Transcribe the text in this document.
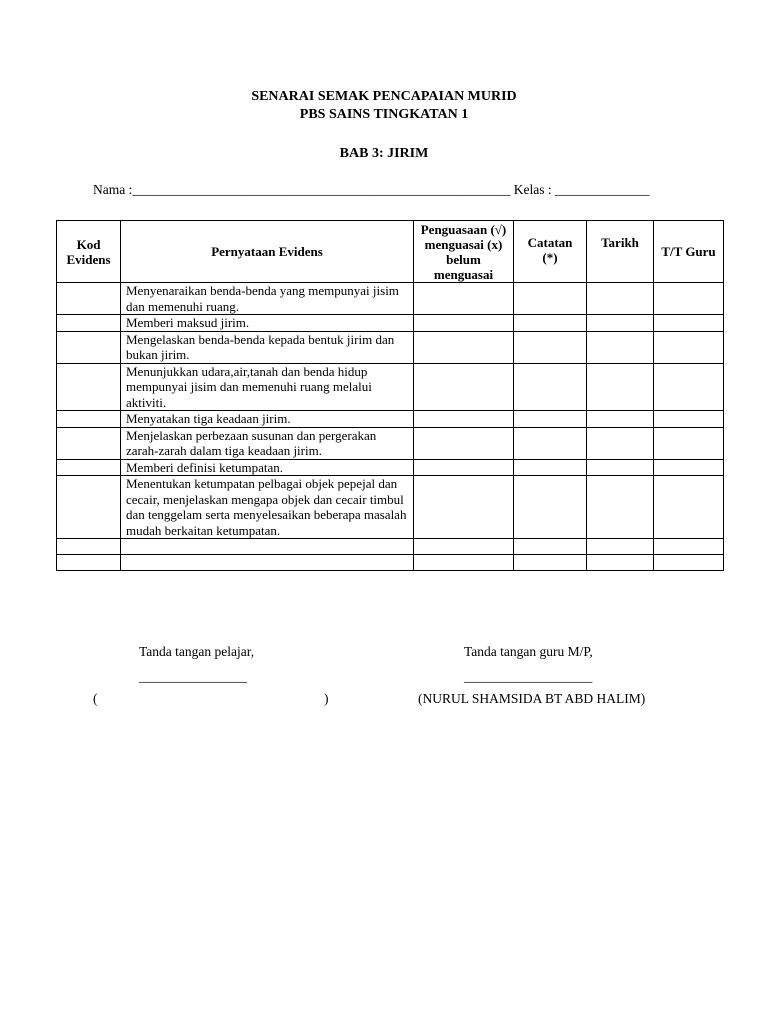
SENARAI SEMAK PENCAPAIAN MURID
PBS SAINS TINGKATAN 1
BAB 3: JIRIM
Nama :________________________________________________________ Kelas : ______________
Kod Evidens	Pernyataan Evidens	Penguasaan (√) menguasai (x) belum menguasai	Catatan (*)	Tarikh	T/T Guru
	Menyenaraikan benda-benda yang mempunyai jisim dan memenuhi ruang.				
	Memberi maksud jirim.				
	Mengelaskan benda-benda kepada bentuk jirim dan bukan jirim.				
	Menunjukkan udara,air,tanah dan benda hidup mempunyai jisim dan memenuhi ruang melalui aktiviti.				
	Menyatakan tiga keadaan jirim.				
	Menjelaskan perbezaan susunan dan pergerakan zarah-zarah dalam tiga keadaan jirim.				
	Memberi definisi ketumpatan.				
	Menentukan ketumpatan pelbagai objek pepejal dan cecair, menjelaskan mengapa objek dan cecair timbul dan tenggelam serta menyelesaikan beberapa masalah mudah berkaitan ketumpatan.				

Tanda tangan pelajar,
________________
(	)
Tanda tangan guru M/P,
___________________
(NURUL SHAMSIDA BT ABD HALIM)
